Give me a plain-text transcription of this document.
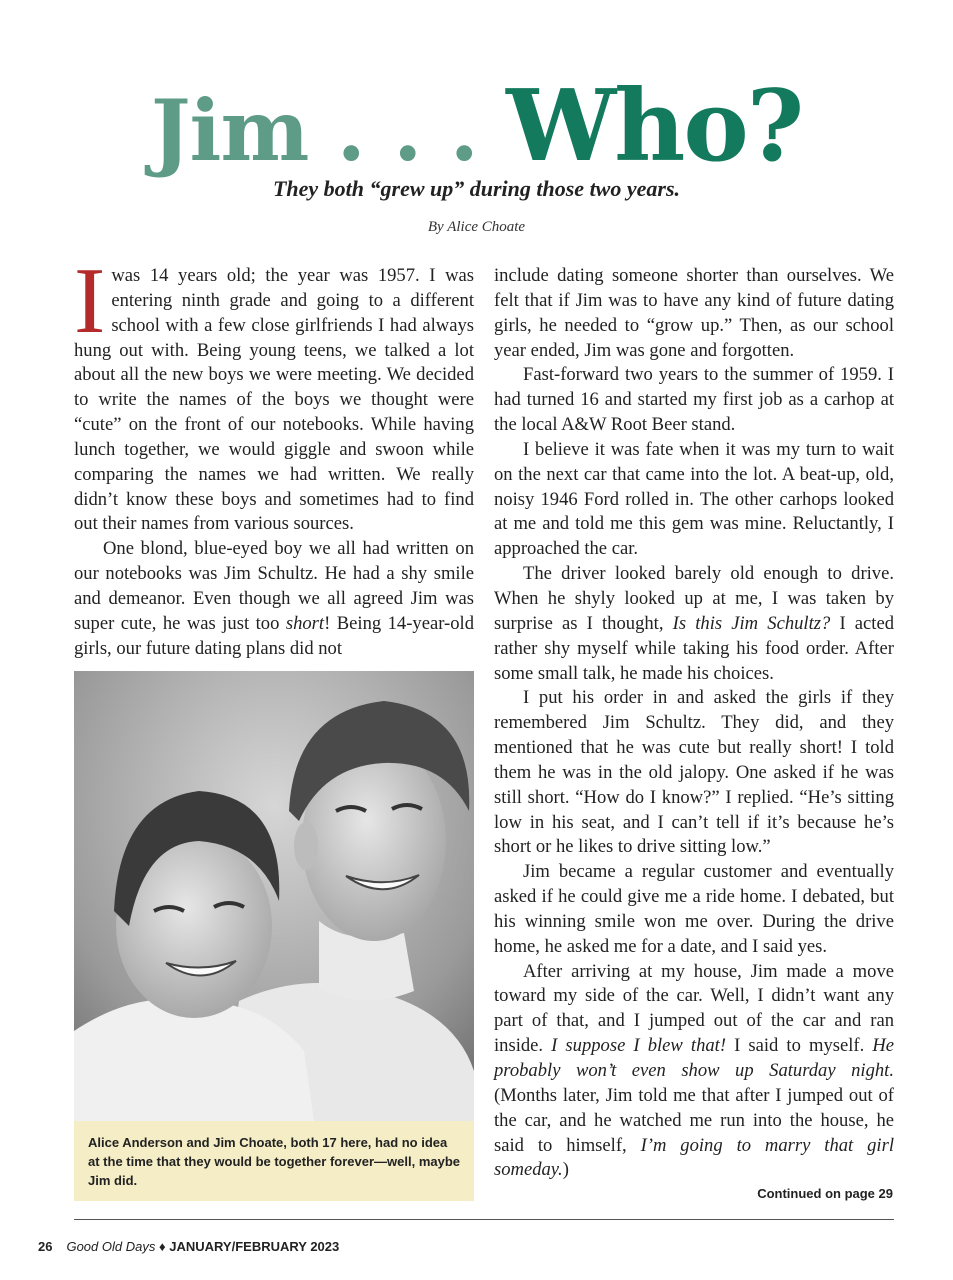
Jim . . . Who?
They both “grew up” during those two years.
By Alice Choate

Iwas 14 years old; the year was 1957. I was entering ninth grade and going to a different school with a few close girlfriends I had always hung out with. Being young teens, we talked a lot about all the new boys we were meeting. We decided to write the names of the boys we thought were “cute” on the front of our notebooks. While having lunch together, we would giggle and swoon while comparing the names we had written. We really didn’t know these boys and sometimes had to find out their names from various sources.

One blond, blue-eyed boy we all had written on our notebooks was Jim Schultz. He had a shy smile and demeanor. Even though we all agreed Jim was super cute, he was just too short! Being 14-year-old girls, our future dating plans did not

Alice Anderson and Jim Choate, both 17 here, had no idea at the time that they would be together forever—well, maybe Jim did.

include dating someone shorter than ourselves. We felt that if Jim was to have any kind of future dating girls, he needed to “grow up.” Then, as our school year ended, Jim was gone and forgotten.

Fast-forward two years to the summer of 1959. I had turned 16 and started my first job as a carhop at the local A&W Root Beer stand.

I believe it was fate when it was my turn to wait on the next car that came into the lot. A beat-up, old, noisy 1946 Ford rolled in. The other carhops looked at me and told me this gem was mine. Reluctantly, I approached the car.

The driver looked barely old enough to drive. When he shyly looked up at me, I was taken by surprise as I thought, Is this Jim Schultz? I acted rather shy myself while taking his food order. After some small talk, he made his choices.

I put his order in and asked the girls if they remembered Jim Schultz. They did, and they mentioned that he was cute but really short! I told them he was in the old jalopy. One asked if he was still short. “How do I know?” I replied. “He’s sitting low in his seat, and I can’t tell if it’s because he’s short or he likes to drive sitting low.”

Jim became a regular customer and eventually asked if he could give me a ride home. I debated, but his winning smile won me over. During the drive home, he asked me for a date, and I said yes.

After arriving at my house, Jim made a move toward my side of the car. Well, I didn’t want any part of that, and I jumped out of the car and ran inside. I suppose I blew that! I said to myself. He probably won’t even show up Saturday night. (Months later, Jim told me that after I jumped out of the car, and he watched me run into the house, he said to himself, I’m going to marry that girl someday.)

Continued on page 29
26 Good Old Days ♦ JANUARY/FEBRUARY 2023
